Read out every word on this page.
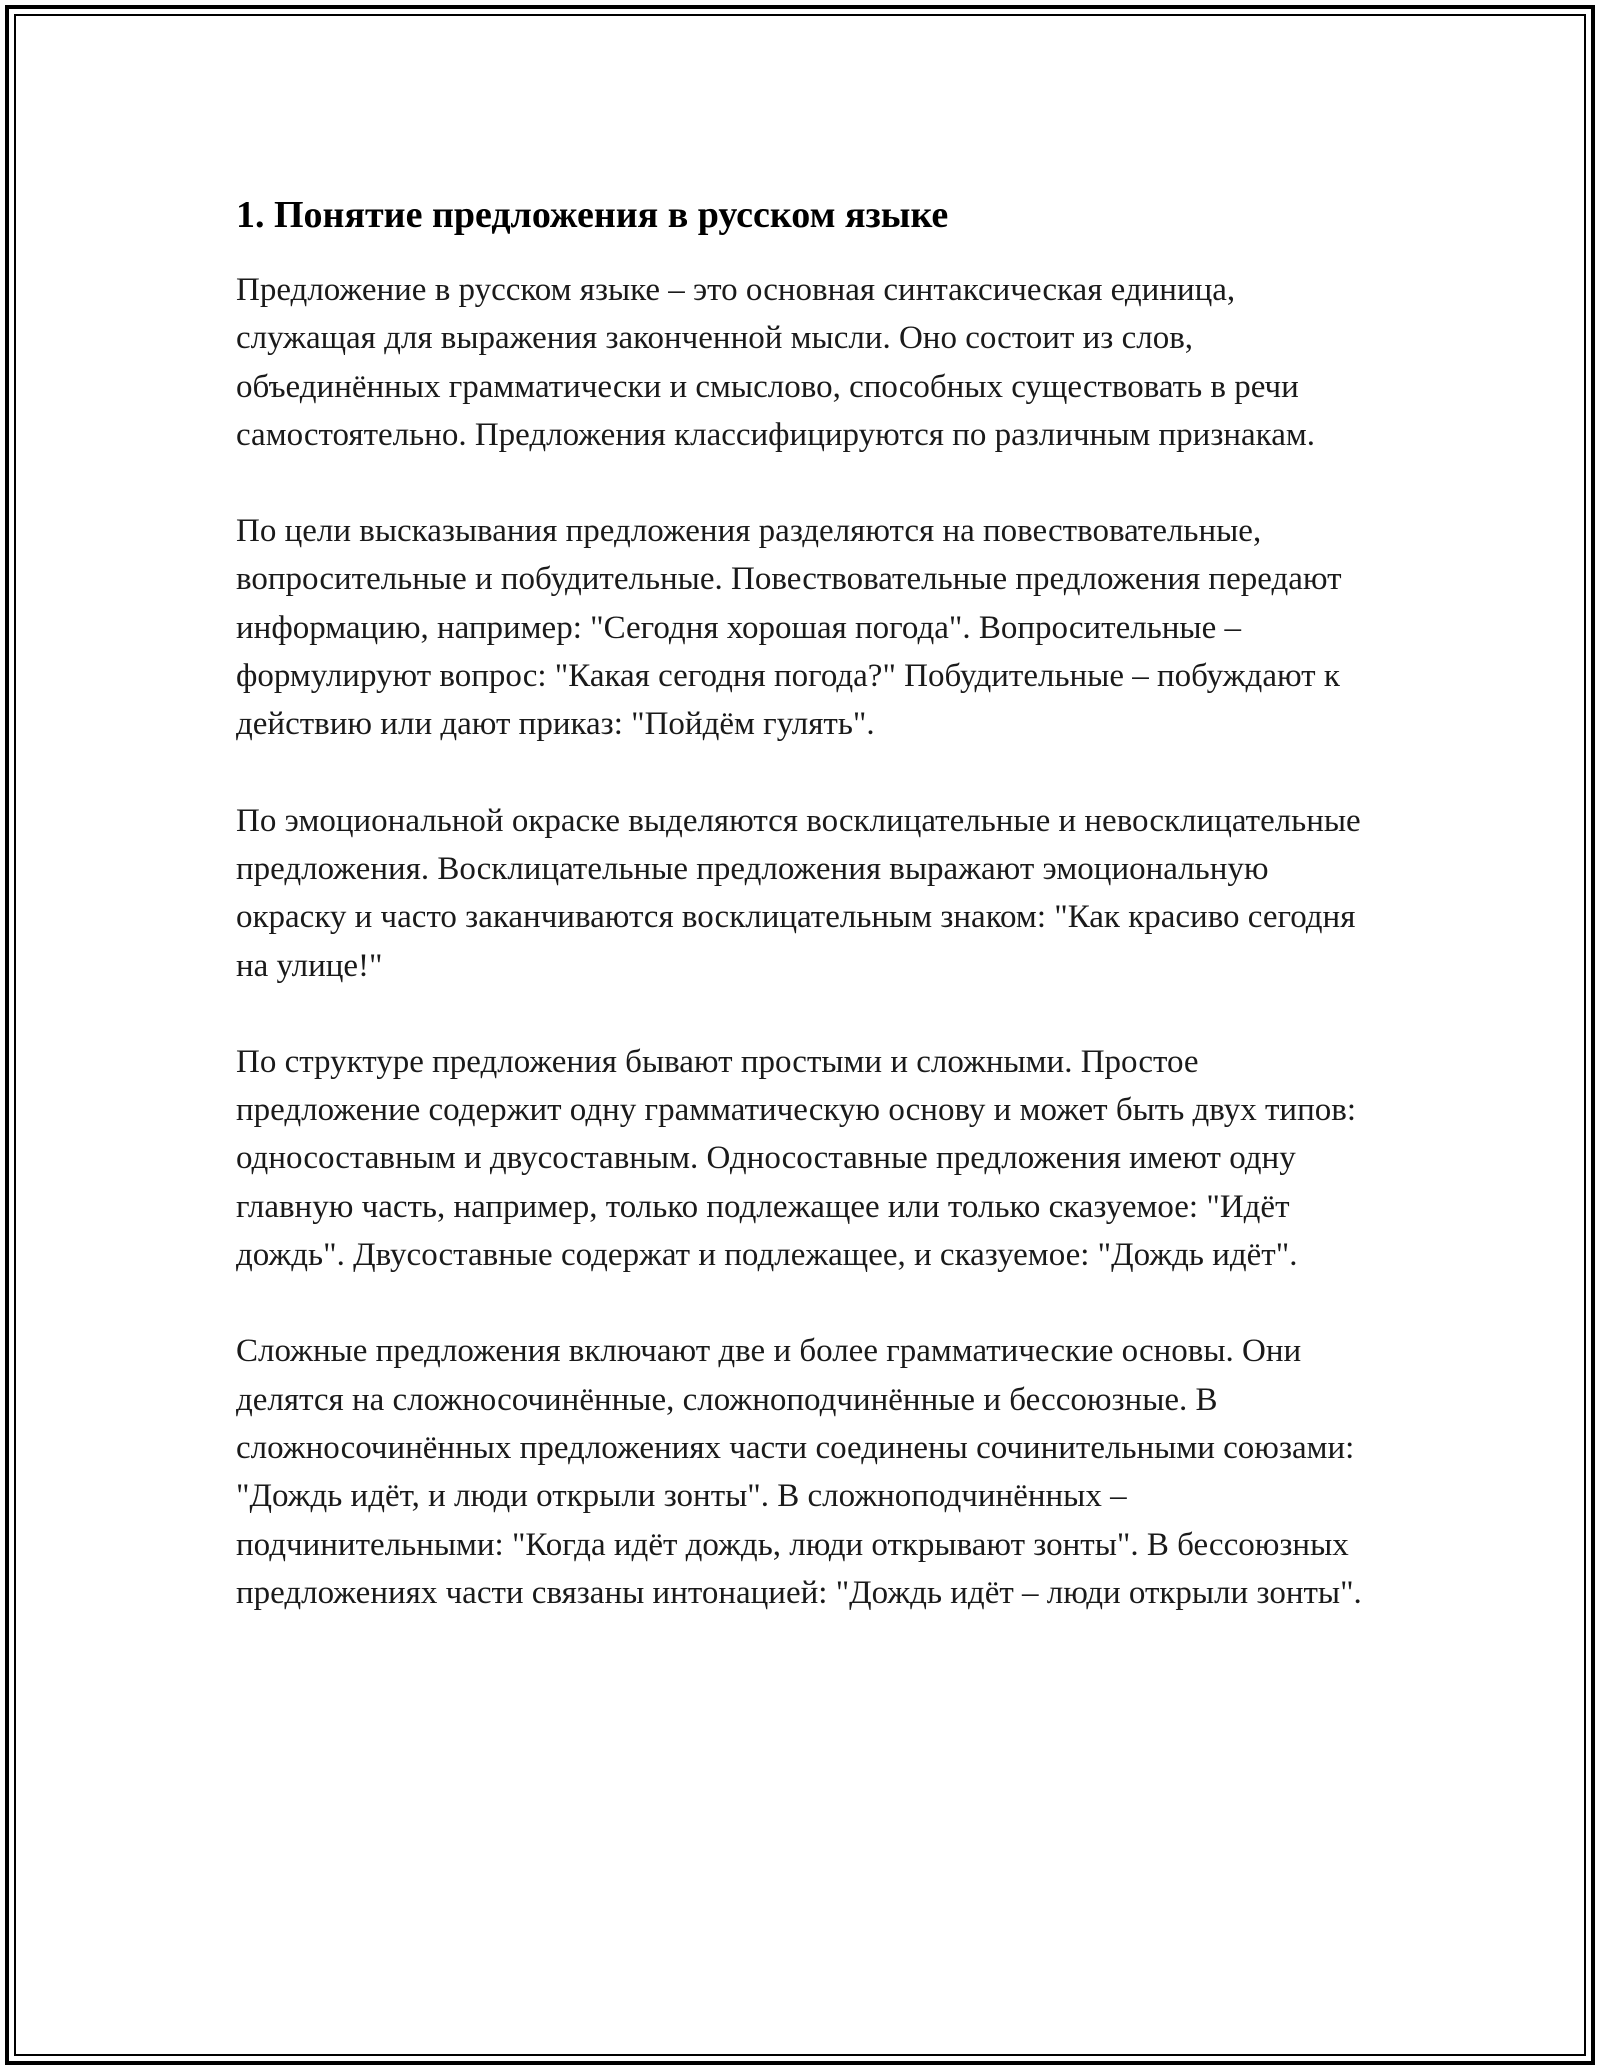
1. Понятие предложения в русском языке

Предложение в русском языке – это основная синтаксическая единица, служащая для выражения законченной мысли. Оно состоит из слов, объединённых грамматически и смыслово, способных существовать в речи самостоятельно. Предложения классифицируются по различным признакам.

По цели высказывания предложения разделяются на повествовательные, вопросительные и побудительные. Повествовательные предложения передают информацию, например: "Сегодня хорошая погода". Вопросительные – формулируют вопрос: "Какая сегодня погода?" Побудительные – побуждают к действию или дают приказ: "Пойдём гулять".

По эмоциональной окраске выделяются восклицательные и невосклицательные предложения. Восклицательные предложения выражают эмоциональную окраску и часто заканчиваются восклицательным знаком: "Как красиво сегодня на улице!"

По структуре предложения бывают простыми и сложными. Простое предложение содержит одну грамматическую основу и может быть двух типов: односоставным и двусоставным. Односоставные предложения имеют одну главную часть, например, только подлежащее или только сказуемое: "Идёт дождь". Двусоставные содержат и подлежащее, и сказуемое: "Дождь идёт".

Сложные предложения включают две и более грамматические основы. Они делятся на сложносочинённые, сложноподчинённые и бессоюзные. В сложносочинённых предложениях части соединены сочинительными союзами: "Дождь идёт, и люди открыли зонты". В сложноподчинённых – подчинительными: "Когда идёт дождь, люди открывают зонты". В бессоюзных предложениях части связаны интонацией: "Дождь идёт – люди открыли зонты".
